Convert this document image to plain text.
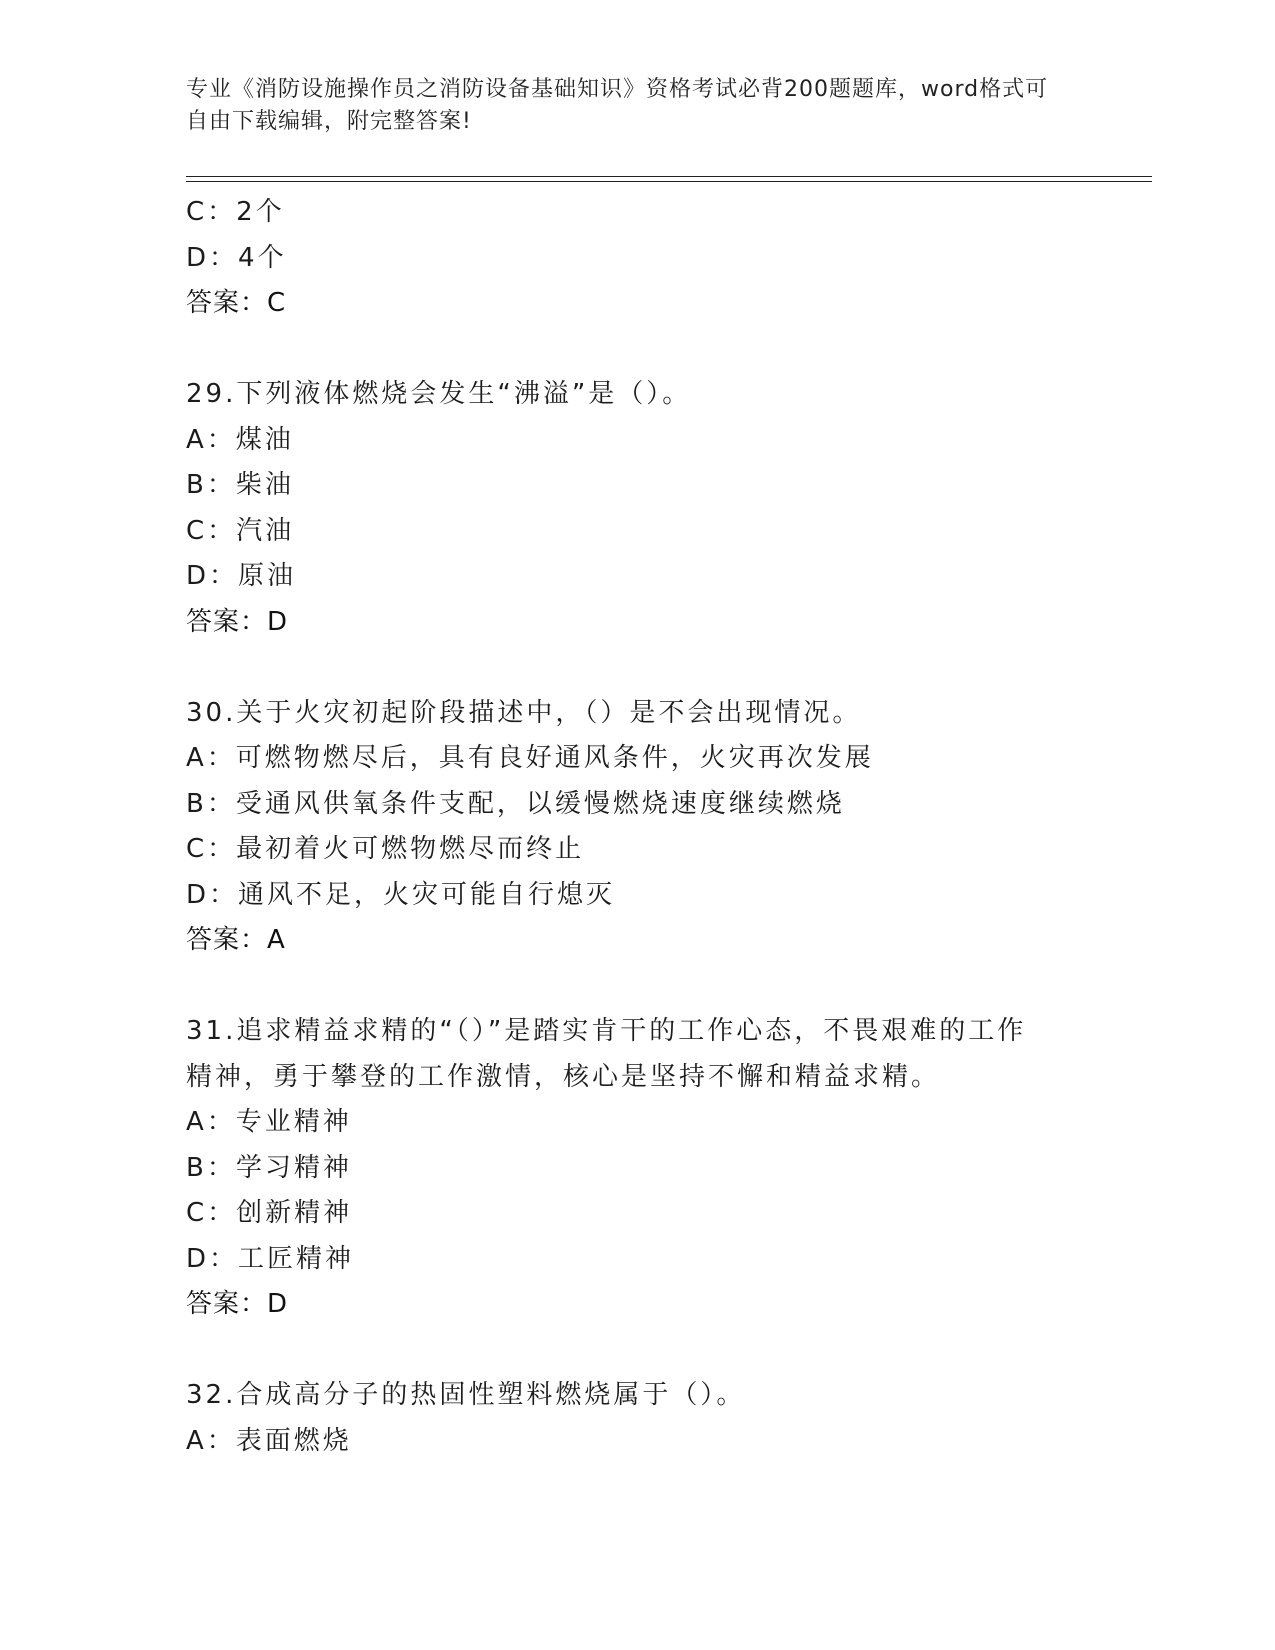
专业《消防设施操作员之消防设备基础知识》资格考试必背200题题库，word格式可自由下载编辑，附完整答案!
C：2个
D：4个
答案：C
29.下列液体燃烧会发生“沸溢”是（）。
A：煤油
B：柴油
C：汽油
D：原油
答案：D
30.关于火灾初起阶段描述中，（）是不会出现情况。
A：可燃物燃尽后，具有良好通风条件，火灾再次发展
B：受通风供氧条件支配，以缓慢燃烧速度继续燃烧
C：最初着火可燃物燃尽而终止
D：通风不足，火灾可能自行熄灭
答案：A
31.追求精益求精的“（）”是踏实肯干的工作心态，不畏艰难的工作
精神，勇于攀登的工作激情，核心是坚持不懈和精益求精。
A：专业精神
B：学习精神
C：创新精神
D：工匠精神
答案：D
32.合成高分子的热固性塑料燃烧属于（）。
A：表面燃烧
